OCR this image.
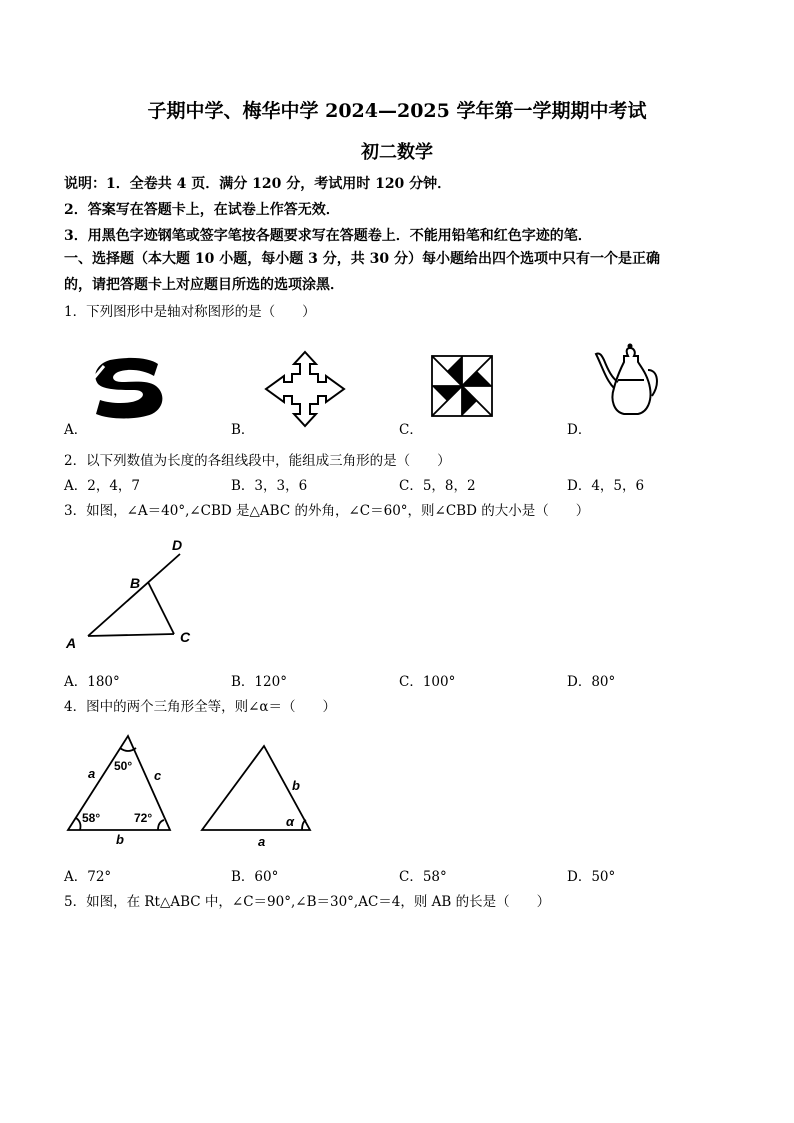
子期中学、梅华中学 2024—2025 学年第一学期期中考试
初二数学
说明：1．全卷共 4 页．满分 120 分，考试用时 120 分钟．
2．答案写在答题卡上，在试卷上作答无效．
3．用黑色字迹钢笔或签字笔按各题要求写在答题卷上．不能用铅笔和红色字迹的笔．
一、选择题（本大题 10 小题，每小题 3 分，共 30 分）每小题给出四个选项中只有一个是正确
的，请把答题卡上对应题目所选的选项涂黑．
1．下列图形中是轴对称图形的是（　　）
A．	B．	C．	D．
2．以下列数值为长度的各组线段中，能组成三角形的是（　　）
A．2，4，7	B．3，3，6	C．5，8，2	D．4，5，6
3．如图，∠A＝40°,∠CBD 是△ABC 的外角，∠C＝60°，则∠CBD 的大小是（　　）
D
B
A	C
A．180°	B．120°	C．100°	D．80°
4．图中的两个三角形全等，则∠α＝（　　）
a	c
b
50°
58°	72°
b
a
α
A．72°	B．60°	C．58°	D．50°
5．如图，在 Rt△ABC 中，∠C＝90°,∠B＝30°,AC＝4，则 AB 的长是（　　）
